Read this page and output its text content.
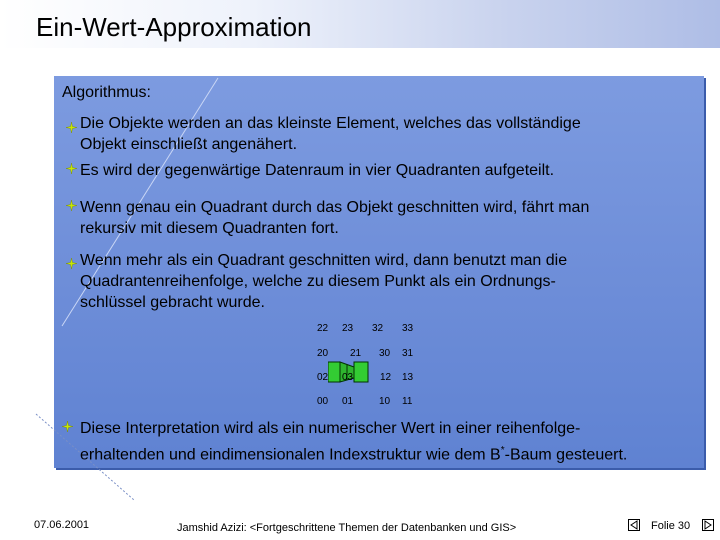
Ein-Wert-Approximation
Algorithmus:
Die Objekte werden an das kleinste Element, welches das vollständige
Objekt einschließt angenähert.
Es wird der gegenwärtige Datenraum in vier Quadranten aufgeteilt.
Wenn genau ein Quadrant durch das Objekt geschnitten wird, fährt man
rekursiv mit diesem Quadranten fort.
Wenn mehr als ein Quadrant geschnitten wird, dann benutzt man die
Quadrantenreihenfolge, welche zu diesem Punkt als ein Ordnungs-
schlüssel gebracht wurde.
22 23 32 33
20 21 30 31
02 03	12 13
00 01	10 11
Diese Interpretation wird als ein numerischer Wert in einer reihenfolge-
erhaltenden und eindimensionalen Indexstruktur wie dem B*-Baum gesteuert.
07.06.2001	Jamshid Azizi: <Fortgeschrittene Themen der Datenbanken und GIS>	Folie 30
